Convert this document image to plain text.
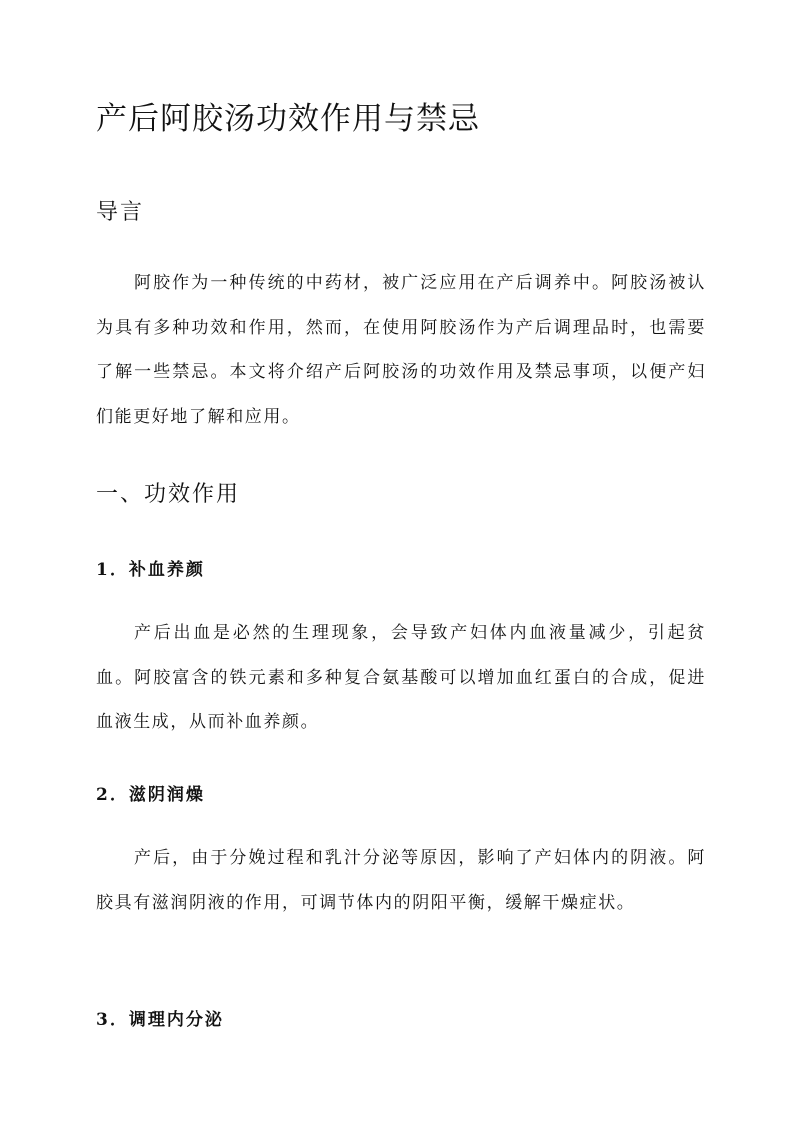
产后阿胶汤功效作用与禁忌
导言

阿胶作为一种传统的中药材，被广泛应用在产后调养中。阿胶汤被认为具有多种功效和作用，然而，在使用阿胶汤作为产后调理品时，也需要了解一些禁忌。本文将介绍产后阿胶汤的功效作用及禁忌事项，以便产妇们能更好地了解和应用。

一、功效作用
1．补血养颜

产后出血是必然的生理现象，会导致产妇体内血液量减少，引起贫血。阿胶富含的铁元素和多种复合氨基酸可以增加血红蛋白的合成，促进血液生成，从而补血养颜。

2．滋阴润燥

产后，由于分娩过程和乳汁分泌等原因，影响了产妇体内的阴液。阿胶具有滋润阴液的作用，可调节体内的阴阳平衡，缓解干燥症状。

3．调理内分泌
